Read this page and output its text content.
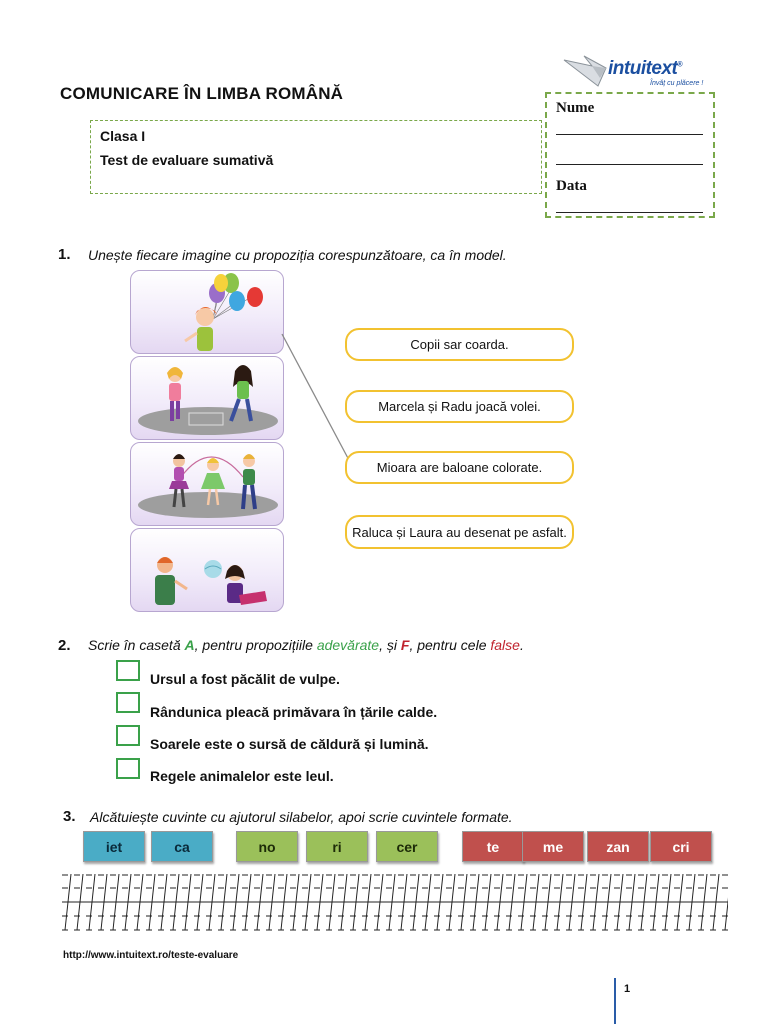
intuitext®
Învăț cu plăcere !
COMUNICARE ÎN LIMBA ROMÂNĂ
Clasa I
Test de evaluare sumativă
Nume
Data
1. Unește fiecare imagine cu propoziția corespunzătoare, ca în model.
Copii sar coarda.
Marcela și Radu joacă volei.
Mioara are baloane colorate.
Raluca și Laura au desenat pe asfalt.
2. Scrie în casetă A, pentru propozițiile adevărate, și F, pentru cele false.
Ursul a fost păcălit de vulpe.
Rândunica pleacă primăvara în țările calde.
Soarele este o sursă de căldură și lumină.
Regele animalelor este leul.
3. Alcătuiește cuvinte cu ajutorul silabelor, apoi scrie cuvintele formate.
iet	ca	no	ri	cer	te	me	zan	cri
http://www.intuitext.ro/teste-evaluare
1
